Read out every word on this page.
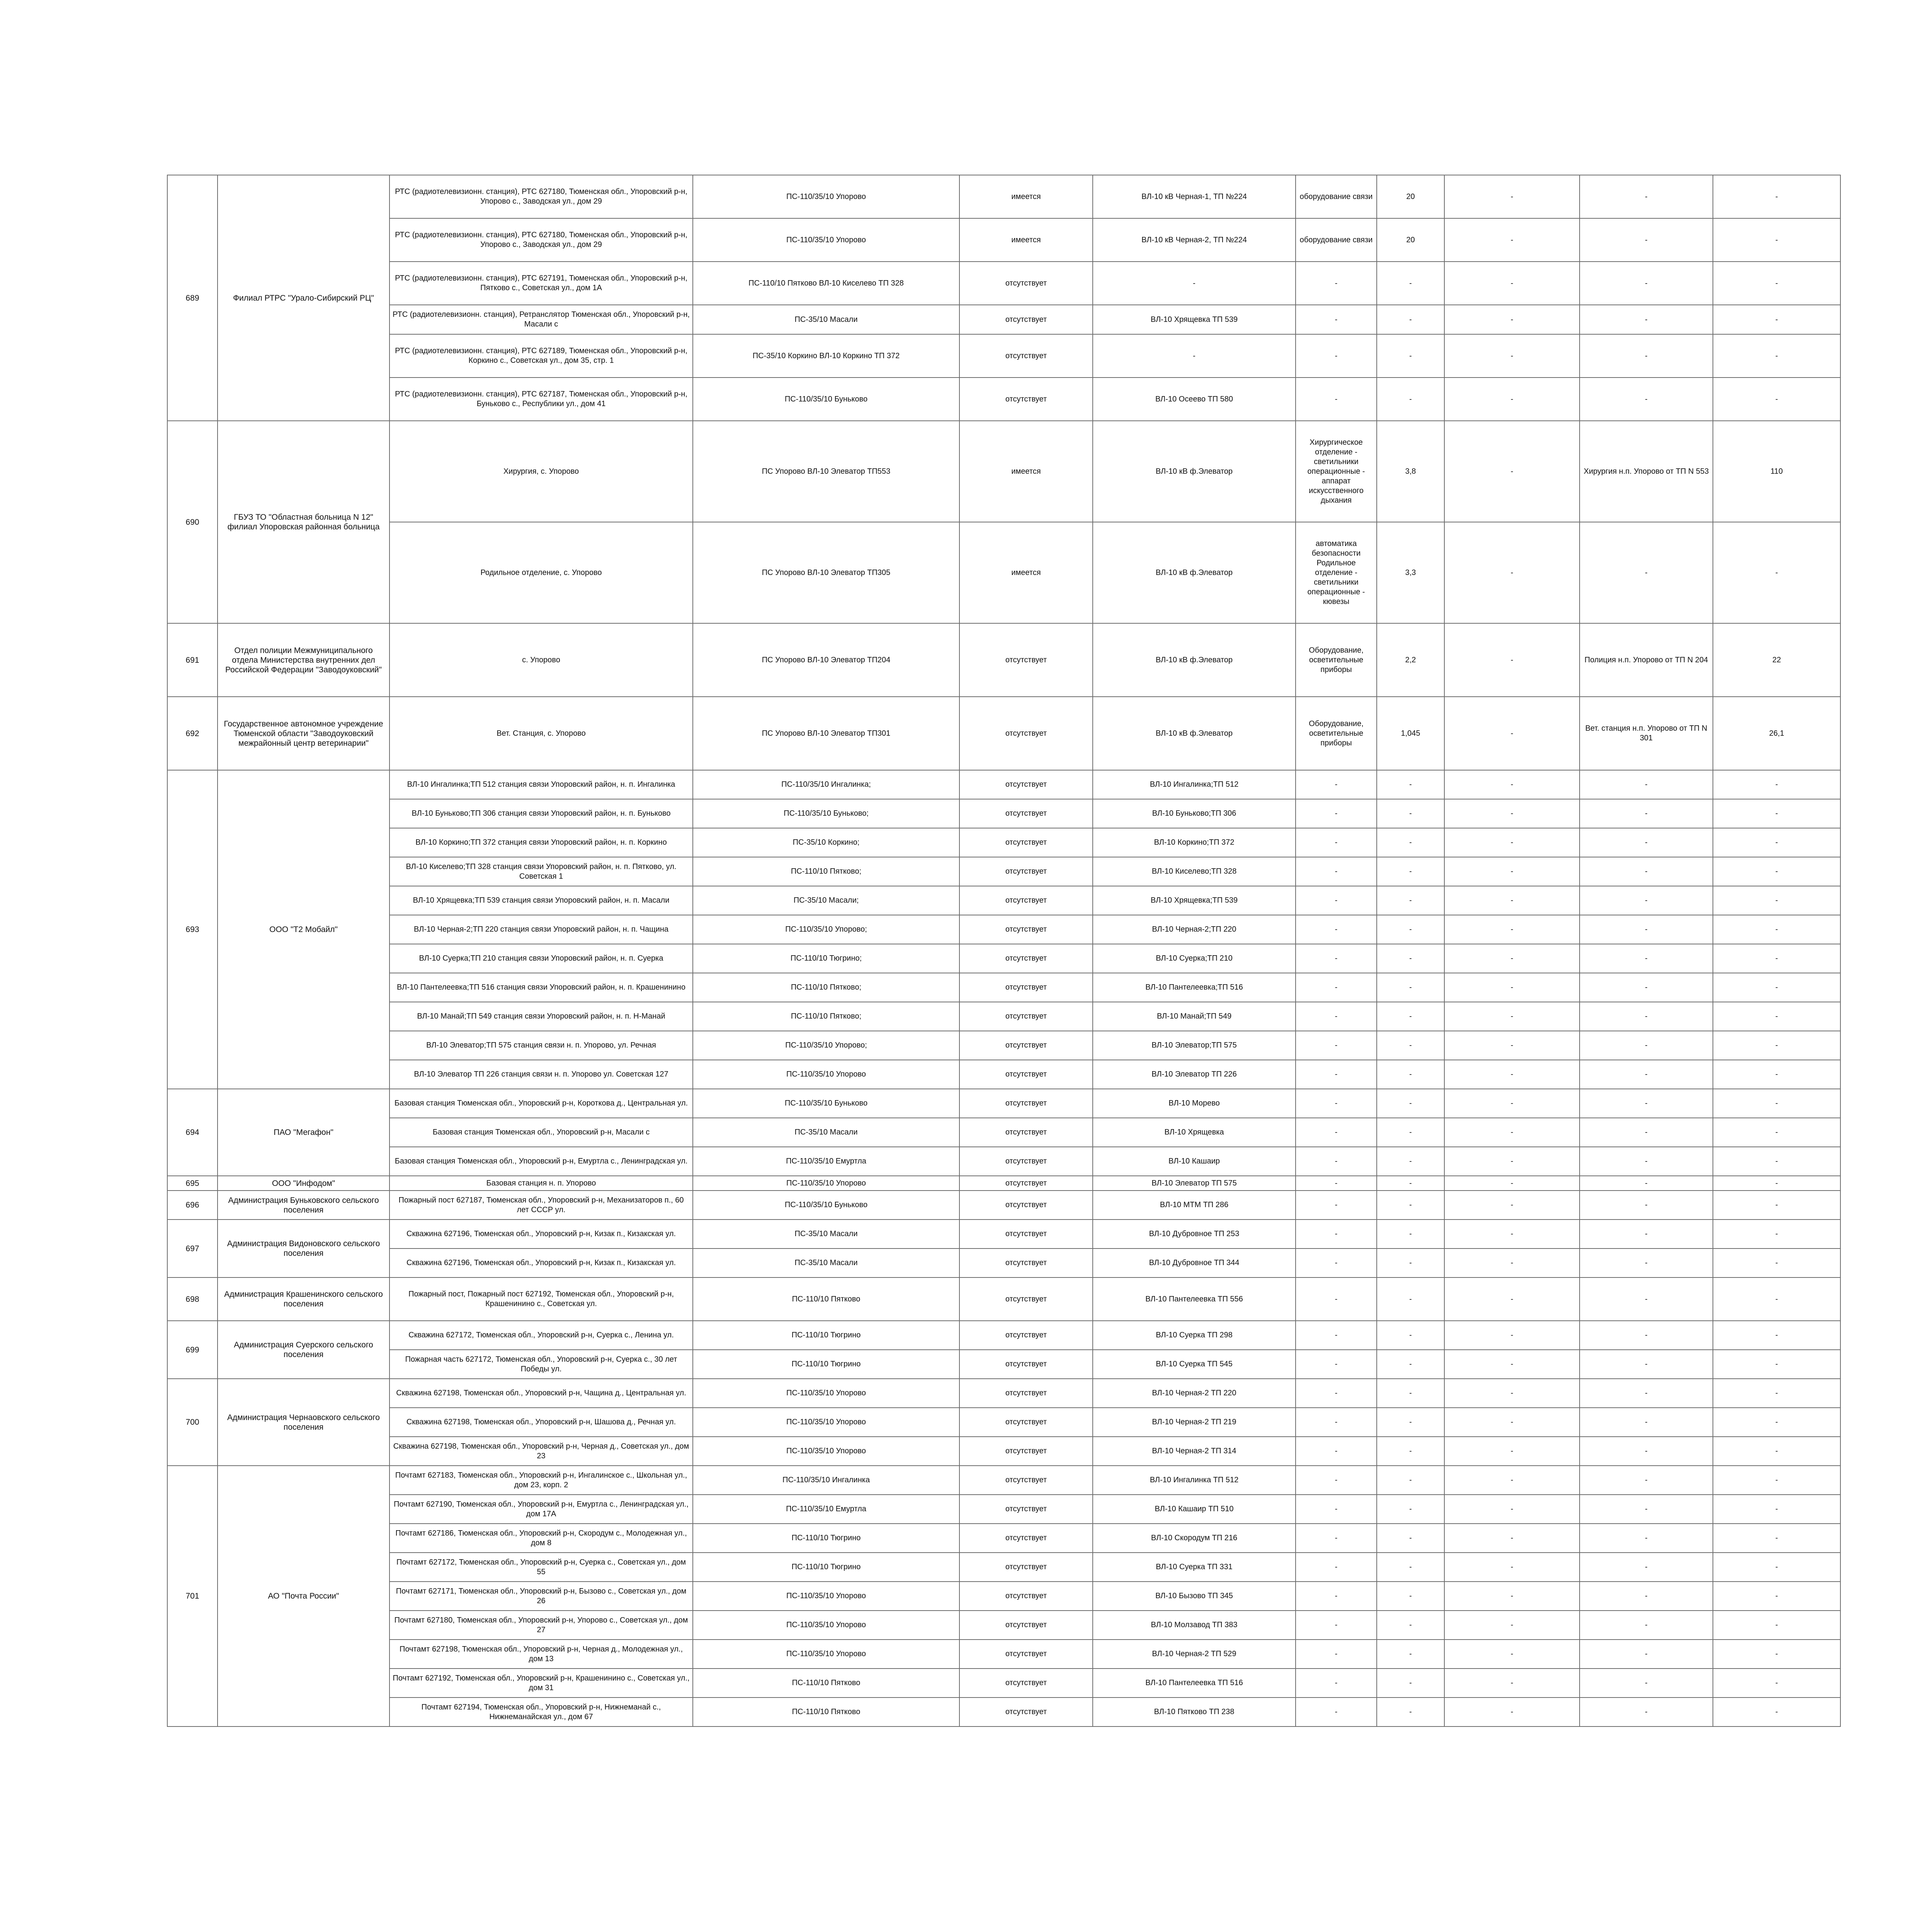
689	Филиал РТРС "Урало-Сибирский РЦ"	РТС (радиотелевизионн. станция), РТС 627180, Тюменская обл., Упоровский р-н, Упорово с., Заводская ул., дом 29	ПС-110/35/10 Упорово	имеется	ВЛ-10 кВ Черная-1, ТП №224	оборудование связи	20	-	-	-
		РТС (радиотелевизионн. станция), РТС 627180, Тюменская обл., Упоровский р-н, Упорово с., Заводская ул., дом 29	ПС-110/35/10 Упорово	имеется	ВЛ-10 кВ Черная-2, ТП №224	оборудование связи	20	-	-	-
		РТС (радиотелевизионн. станция), РТС 627191, Тюменская обл., Упоровский р-н, Пятково с., Советская ул., дом 1А	ПС-110/10 Пятково ВЛ-10 Киселево ТП 328	отсутствует	-	-	-	-	-	-
		РТС (радиотелевизионн. станция), Ретранслятор Тюменская обл., Упоровский р-н, Масали с	ПС-35/10 Масали	отсутствует	ВЛ-10 Хрящевка ТП 539	-	-	-	-	-
		РТС (радиотелевизионн. станция), РТС 627189, Тюменская обл., Упоровский р-н, Коркино с., Советская ул., дом 35, стр. 1	ПС-35/10 Коркино ВЛ-10 Коркино ТП 372	отсутствует	-	-	-	-	-	-
		РТС (радиотелевизионн. станция), РТС 627187, Тюменская обл., Упоровский р-н, Буньково с., Республики ул., дом 41	ПС-110/35/10 Буньково	отсутствует	ВЛ-10 Осеево ТП 580	-	-	-	-	-
690	ГБУЗ ТО "Областная больница N 12" филиал Упоровская районная больница	Хирургия, с. Упорово	ПС Упорово ВЛ-10 Элеватор ТП553	имеется	ВЛ-10 кВ ф.Элеватор	Хирургическое отделение - светильники операционные - аппарат искусственного дыхания	3,8	-	Хирургия н.п. Упорово от ТП N 553	110
		Родильное отделение, с. Упорово	ПС Упорово ВЛ-10 Элеватор ТП305	имеется	ВЛ-10 кВ ф.Элеватор	автоматика безопасности Родильное отделение - светильники операционные - кювезы	3,3	-	-	-
691	Отдел полиции Межмуниципального отдела Министерства внутренних дел Российской Федерации "Заводоуковский"	с. Упорово	ПС Упорово ВЛ-10 Элеватор ТП204	отсутствует	ВЛ-10 кВ ф.Элеватор	Оборудование, осветительные приборы	2,2	-	Полиция н.п. Упорово от ТП N 204	22
692	Государственное автономное учреждение Тюменской области "Заводоуковский межрайонный центр ветеринарии"	Вет. Станция, с. Упорово	ПС Упорово ВЛ-10 Элеватор ТП301	отсутствует	ВЛ-10 кВ ф.Элеватор	Оборудование, осветительные приборы	1,045	-	Вет. станция н.п. Упорово от ТП N 301	26,1
693	ООО "Т2 Мобайл"	ВЛ-10 Ингалинка;ТП 512 станция связи Упоровский район, н. п. Ингалинка	ПС-110/35/10 Ингалинка;	отсутствует	ВЛ-10 Ингалинка;ТП 512	-	-	-	-	-
		ВЛ-10 Буньково;ТП 306 станция связи Упоровский район, н. п. Буньково	ПС-110/35/10 Буньково;	отсутствует	ВЛ-10 Буньково;ТП 306	-	-	-	-	-
		ВЛ-10 Коркино;ТП 372 станция связи Упоровский район, н. п. Коркино	ПС-35/10 Коркино;	отсутствует	ВЛ-10 Коркино;ТП 372	-	-	-	-	-
		ВЛ-10 Киселево;ТП 328 станция связи Упоровский район, н. п. Пятково, ул. Советская 1	ПС-110/10 Пятково;	отсутствует	ВЛ-10 Киселево;ТП 328	-	-	-	-	-
		ВЛ-10 Хрящевка;ТП 539 станция связи Упоровский район, н. п. Масали	ПС-35/10 Масали;	отсутствует	ВЛ-10 Хрящевка;ТП 539	-	-	-	-	-
		ВЛ-10 Черная-2;ТП 220 станция связи Упоровский район, н. п. Чащина	ПС-110/35/10 Упорово;	отсутствует	ВЛ-10 Черная-2;ТП 220	-	-	-	-	-
		ВЛ-10 Суерка;ТП 210 станция связи Упоровский район, н. п. Суерка	ПС-110/10 Тюгрино;	отсутствует	ВЛ-10 Суерка;ТП 210	-	-	-	-	-
		ВЛ-10 Пантелеевка;ТП 516 станция связи Упоровский район, н. п. Крашенинино	ПС-110/10 Пятково;	отсутствует	ВЛ-10 Пантелеевка;ТП 516	-	-	-	-	-
		ВЛ-10 Манай;ТП 549 станция связи Упоровский район, н. п. Н-Манай	ПС-110/10 Пятково;	отсутствует	ВЛ-10 Манай;ТП 549	-	-	-	-	-
		ВЛ-10 Элеватор;ТП 575 станция связи н. п. Упорово, ул. Речная	ПС-110/35/10 Упорово;	отсутствует	ВЛ-10 Элеватор;ТП 575	-	-	-	-	-
		ВЛ-10 Элеватор ТП 226 станция связи н. п. Упорово ул. Советская 127	ПС-110/35/10 Упорово	отсутствует	ВЛ-10 Элеватор ТП 226	-	-	-	-	-
694	ПАО "Мегафон"	Базовая станция Тюменская обл., Упоровский р-н, Коротковa д., Центральная ул.	ПС-110/35/10 Буньково	отсутствует	ВЛ-10 Морево	-	-	-	-	-
		Базовая станция Тюменская обл., Упоровский р-н, Масали с	ПС-35/10 Масали	отсутствует	ВЛ-10 Хрящевка	-	-	-	-	-
		Базовая станция Тюменская обл., Упоровский р-н, Емуртла с., Ленинградская ул.	ПС-110/35/10 Емуртла	отсутствует	ВЛ-10 Кашаир	-	-	-	-	-
695	ООО "Инфодом"	Базовая станция н. п. Упорово	ПС-110/35/10 Упорово	отсутствует	ВЛ-10 Элеватор ТП 575	-	-	-	-	-
696	Администрация Буньковского сельского поселения	Пожарный пост 627187, Тюменская обл., Упоровский р-н, Механизаторов п., 60 лет СССР ул.	ПС-110/35/10 Буньково	отсутствует	ВЛ-10 МТМ ТП 286	-	-	-	-	-
697	Администрация Видоновского сельского поселения	Скважина 627196, Тюменская обл., Упоровский р-н, Кизак п., Кизакская ул.	ПС-35/10 Масали	отсутствует	ВЛ-10 Дубровное ТП 253	-	-	-	-	-
		Скважина 627196, Тюменская обл., Упоровский р-н, Кизак п., Кизакская ул.	ПС-35/10 Масали	отсутствует	ВЛ-10 Дубровное ТП 344	-	-	-	-	-
698	Администрация Крашенинского сельского поселения	Пожарный пост, Пожарный пост 627192, Тюменская обл., Упоровский р-н, Крашенинино с., Советская ул.	ПС-110/10 Пятково	отсутствует	ВЛ-10 Пантелеевка ТП 556	-	-	-	-	-
699	Администрация Суерского сельского поселения	Скважина 627172, Тюменская обл., Упоровский р-н, Суерка с., Ленина ул.	ПС-110/10 Тюгрино	отсутствует	ВЛ-10 Суерка ТП 298	-	-	-	-	-
		Пожарная часть 627172, Тюменская обл., Упоровский р-н, Суерка с., 30 лет Победы ул.	ПС-110/10 Тюгрино	отсутствует	ВЛ-10 Суерка ТП 545	-	-	-	-	-
700	Администрация Чернаовского сельского поселения	Скважина 627198, Тюменская обл., Упоровский р-н, Чащина д., Центральная ул.	ПС-110/35/10 Упорово	отсутствует	ВЛ-10 Черная-2 ТП 220	-	-	-	-	-
		Скважина 627198, Тюменская обл., Упоровский р-н, Шашова д., Речная ул.	ПС-110/35/10 Упорово	отсутствует	ВЛ-10 Черная-2 ТП 219	-	-	-	-	-
		Скважина 627198, Тюменская обл., Упоровский р-н, Черная д., Советская ул., дом 23	ПС-110/35/10 Упорово	отсутствует	ВЛ-10 Черная-2 ТП 314	-	-	-	-	-
701	АО "Почта России"	Почтамт 627183, Тюменская обл., Упоровский р-н, Ингалинское с., Школьная ул., дом 23, корп. 2	ПС-110/35/10 Ингалинка	отсутствует	ВЛ-10 Ингалинка ТП 512	-	-	-	-	-
		Почтамт 627190, Тюменская обл., Упоровский р-н, Емуртла с., Ленинградская ул., дом 17А	ПС-110/35/10 Емуртла	отсутствует	ВЛ-10 Кашаир ТП 510	-	-	-	-	-
		Почтамт 627186, Тюменская обл., Упоровский р-н, Скородум с., Молодежная ул., дом 8	ПС-110/10 Тюгрино	отсутствует	ВЛ-10 Скородум ТП 216	-	-	-	-	-
		Почтамт 627172, Тюменская обл., Упоровский р-н, Суерка с., Советская ул., дом 55	ПС-110/10 Тюгрино	отсутствует	ВЛ-10 Суерка ТП 331	-	-	-	-	-
		Почтамт 627171, Тюменская обл., Упоровский р-н, Бызово с., Советская ул., дом 26	ПС-110/35/10 Упорово	отсутствует	ВЛ-10 Бызово ТП 345	-	-	-	-	-
		Почтамт 627180, Тюменская обл., Упоровский р-н, Упорово с., Советская ул., дом 27	ПС-110/35/10 Упорово	отсутствует	ВЛ-10 Молзавод ТП 383	-	-	-	-	-
		Почтамт 627198, Тюменская обл., Упоровский р-н, Черная д., Молодежная ул., дом 13	ПС-110/35/10 Упорово	отсутствует	ВЛ-10 Черная-2 ТП 529	-	-	-	-	-
		Почтамт 627192, Тюменская обл., Упоровский р-н, Крашенинино с., Советская ул., дом 31	ПС-110/10 Пятково	отсутствует	ВЛ-10 Пантелеевка ТП 516	-	-	-	-	-
		Почтамт 627194, Тюменская обл., Упоровский р-н, Нижнеманай с., Нижнеманайская ул., дом 67	ПС-110/10 Пятково	отсутствует	ВЛ-10 Пятково ТП 238	-	-	-	-	-
